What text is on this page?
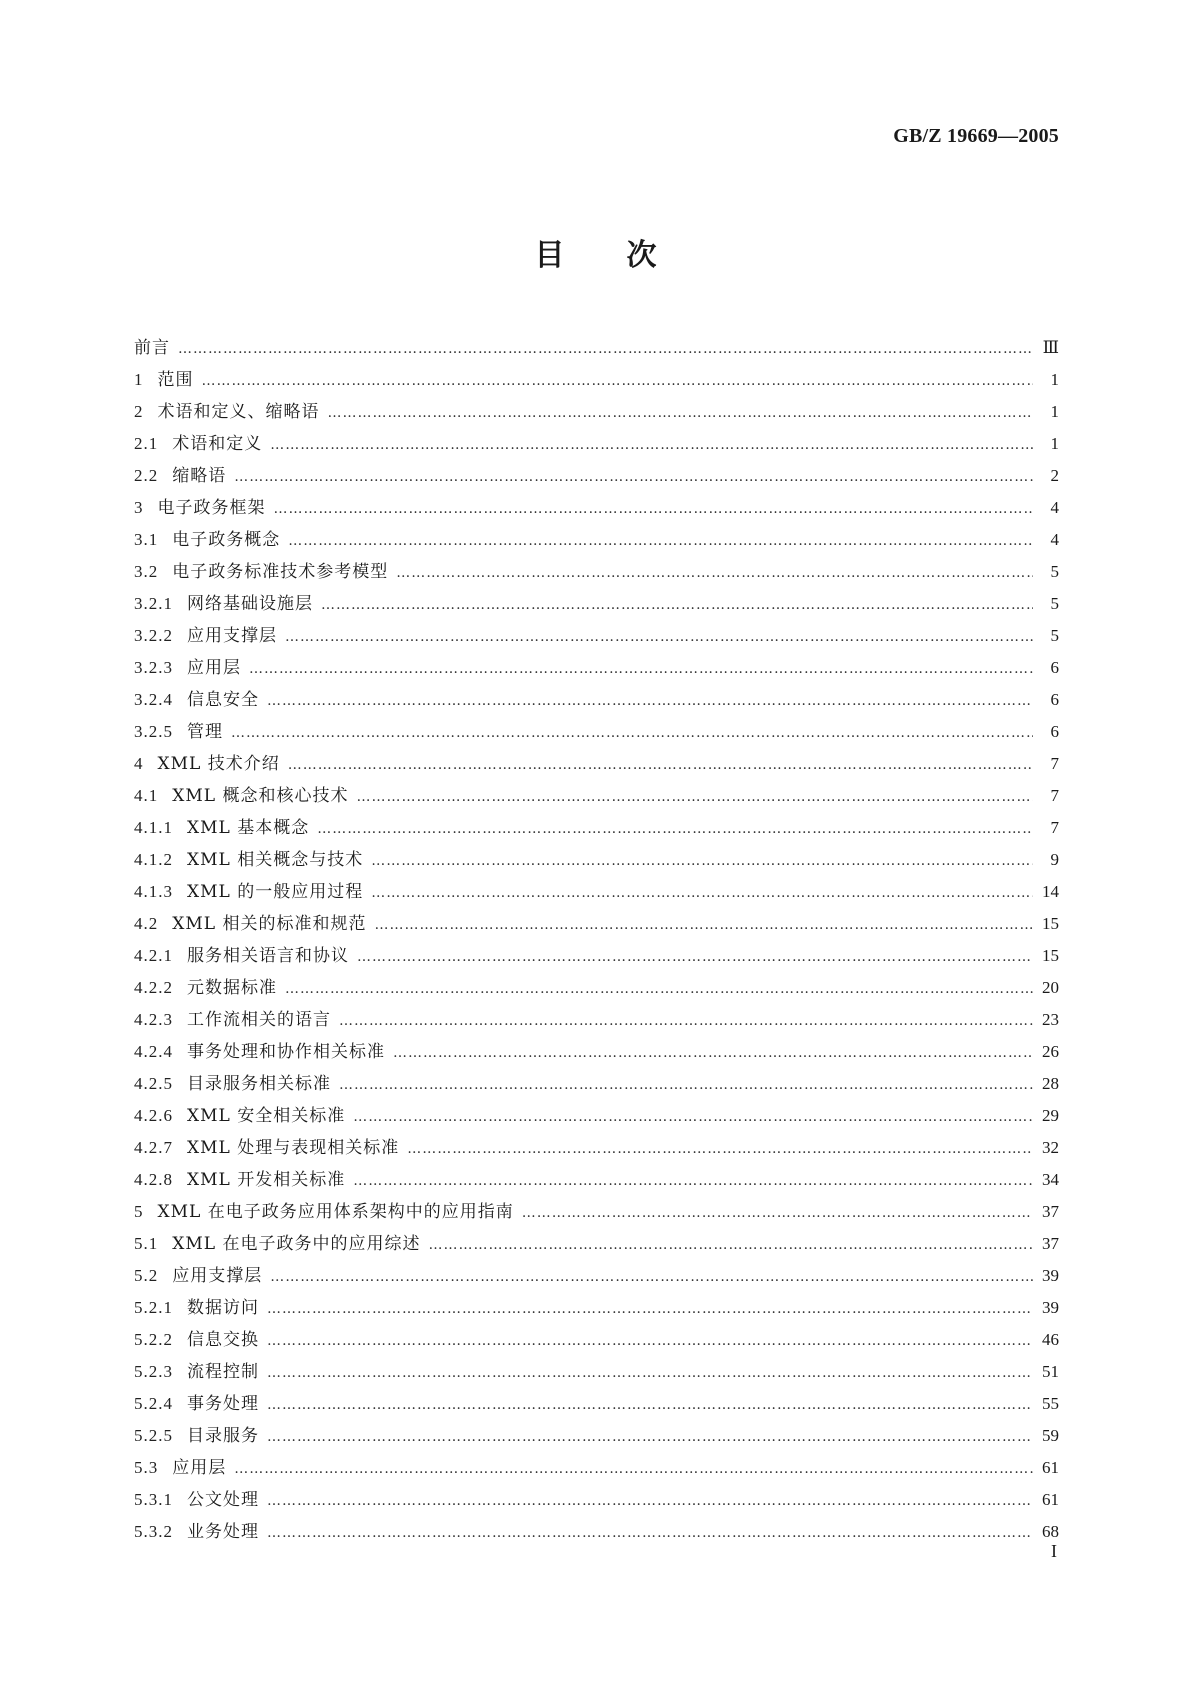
GB/Z 19669—2005
目次
前言 …………………………………………………………………………………………………………………………………………………………………………………………………………………………………………………………………………	Ⅲ
1 范围 …………………………………………………………………………………………………………………………………………………………………………………………………………………………………………………………………………	1
2 术语和定义、缩略语 …………………………………………………………………………………………………………………………………………………………………………………………………………………………………………………………………………	1
2.1 术语和定义 …………………………………………………………………………………………………………………………………………………………………………………………………………………………………………………………………………	1
2.2 缩略语 …………………………………………………………………………………………………………………………………………………………………………………………………………………………………………………………………………	2
3 电子政务框架 …………………………………………………………………………………………………………………………………………………………………………………………………………………………………………………………………………	4
3.1 电子政务概念 …………………………………………………………………………………………………………………………………………………………………………………………………………………………………………………………………………	4
3.2 电子政务标准技术参考模型 …………………………………………………………………………………………………………………………………………………………………………………………………………………………………………………………………………	5
3.2.1 网络基础设施层 …………………………………………………………………………………………………………………………………………………………………………………………………………………………………………………………………………	5
3.2.2 应用支撑层 …………………………………………………………………………………………………………………………………………………………………………………………………………………………………………………………………………	5
3.2.3 应用层 …………………………………………………………………………………………………………………………………………………………………………………………………………………………………………………………………………	6
3.2.4 信息安全 …………………………………………………………………………………………………………………………………………………………………………………………………………………………………………………………………………	6
3.2.5 管理 …………………………………………………………………………………………………………………………………………………………………………………………………………………………………………………………………………	6
4 XML 技术介绍 …………………………………………………………………………………………………………………………………………………………………………………………………………………………………………………………………………	7
4.1 XML 概念和核心技术 …………………………………………………………………………………………………………………………………………………………………………………………………………………………………………………………………………	7
4.1.1 XML 基本概念 …………………………………………………………………………………………………………………………………………………………………………………………………………………………………………………………………………	7
4.1.2 XML 相关概念与技术 …………………………………………………………………………………………………………………………………………………………………………………………………………………………………………………………………………	9
4.1.3 XML 的一般应用过程 …………………………………………………………………………………………………………………………………………………………………………………………………………………………………………………………………………	14
4.2 XML 相关的标准和规范 …………………………………………………………………………………………………………………………………………………………………………………………………………………………………………………………………………	15
4.2.1 服务相关语言和协议 …………………………………………………………………………………………………………………………………………………………………………………………………………………………………………………………………………	15
4.2.2 元数据标准 …………………………………………………………………………………………………………………………………………………………………………………………………………………………………………………………………………	20
4.2.3 工作流相关的语言 …………………………………………………………………………………………………………………………………………………………………………………………………………………………………………………………………………	23
4.2.4 事务处理和协作相关标准 …………………………………………………………………………………………………………………………………………………………………………………………………………………………………………………………………………	26
4.2.5 目录服务相关标准 …………………………………………………………………………………………………………………………………………………………………………………………………………………………………………………………………………	28
4.2.6 XML 安全相关标准 …………………………………………………………………………………………………………………………………………………………………………………………………………………………………………………………………………	29
4.2.7 XML 处理与表现相关标准 …………………………………………………………………………………………………………………………………………………………………………………………………………………………………………………………………………	32
4.2.8 XML 开发相关标准 …………………………………………………………………………………………………………………………………………………………………………………………………………………………………………………………………………	34
5 XML 在电子政务应用体系架构中的应用指南 …………………………………………………………………………………………………………………………………………………………………………………………………………………………………………………………………………	37
5.1 XML 在电子政务中的应用综述 …………………………………………………………………………………………………………………………………………………………………………………………………………………………………………………………………………	37
5.2 应用支撑层 …………………………………………………………………………………………………………………………………………………………………………………………………………………………………………………………………………	39
5.2.1 数据访问 …………………………………………………………………………………………………………………………………………………………………………………………………………………………………………………………………………	39
5.2.2 信息交换 …………………………………………………………………………………………………………………………………………………………………………………………………………………………………………………………………………	46
5.2.3 流程控制 …………………………………………………………………………………………………………………………………………………………………………………………………………………………………………………………………………	51
5.2.4 事务处理 …………………………………………………………………………………………………………………………………………………………………………………………………………………………………………………………………………	55
5.2.5 目录服务 …………………………………………………………………………………………………………………………………………………………………………………………………………………………………………………………………………	59
5.3 应用层 …………………………………………………………………………………………………………………………………………………………………………………………………………………………………………………………………………	61
5.3.1 公文处理 …………………………………………………………………………………………………………………………………………………………………………………………………………………………………………………………………………	61
5.3.2 业务处理 …………………………………………………………………………………………………………………………………………………………………………………………………………………………………………………………………………	68
I
